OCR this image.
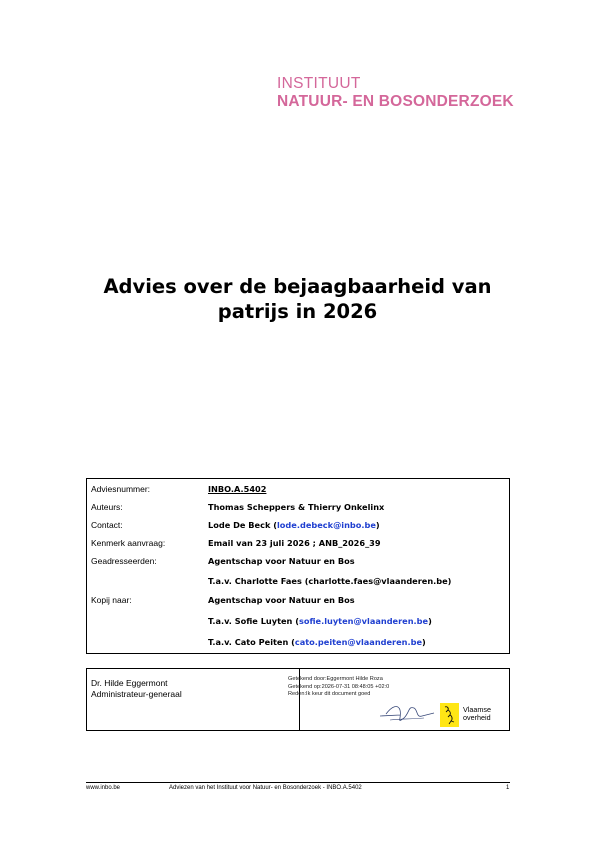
INSTITUUT
NATUUR- EN BOSONDERZOEK
Advies over de bejaagbaarheid van
patrijs in 2026
Adviesnummer:	INBO.A.5402
Auteurs:	Thomas Scheppers & Thierry Onkelinx
Contact:	Lode De Beck (lode.debeck@inbo.be)
Kenmerk aanvraag:	Email van 23 juli 2026 ; ANB_2026_39
Geadresseerden:	Agentschap voor Natuur en Bos
T.a.v. Charlotte Faes (charlotte.faes@vlaanderen.be)
Kopij naar:	Agentschap voor Natuur en Bos
T.a.v. Sofie Luyten (sofie.luyten@vlaanderen.be)
T.a.v. Cato Peiten (cato.peiten@vlaanderen.be)
Dr. Hilde Eggermont
Administrateur-generaal
Getekend door:Eggermont Hilde Roza
Getekend op:2026-07-31 08:48:05 +02:0
Reden:Ik keur dit document goed
Vlaamse
overheid
www.inbo.be	Adviezen van het Instituut voor Natuur- en Bosonderzoek - INBO.A.5402	1
